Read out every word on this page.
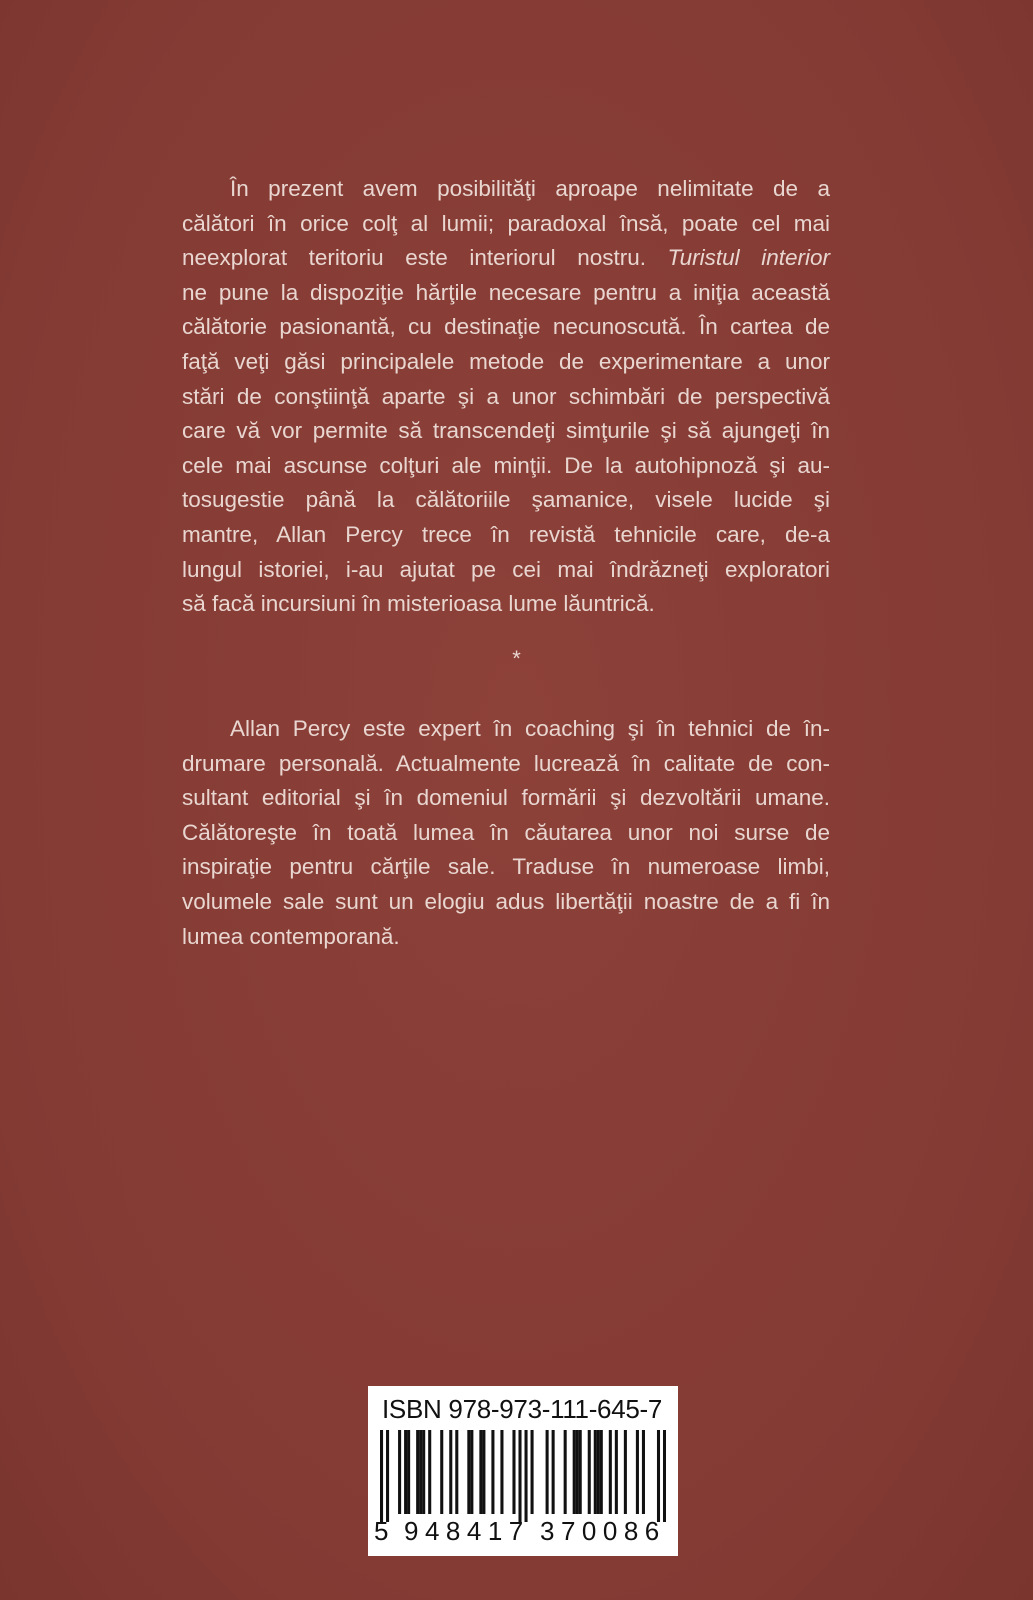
În prezent avem posibilităţi aproape nelimitate de a
călători în orice colţ al lumii; paradoxal însă, poate cel mai
neexplorat teritoriu este interiorul nostru. Turistul interior
ne pune la dispoziţie hărţile necesare pentru a iniţia această
călătorie pasionantă, cu destinaţie necunoscută. În cartea de
faţă veţi găsi principalele metode de experimentare a unor
stări de conştiinţă aparte şi a unor schimbări de perspectivă
care vă vor permite să transcendeţi simţurile şi să ajungeţi în
cele mai ascunse colţuri ale minţii. De la autohipnoză şi au-
tosugestie până la călătoriile şamanice, visele lucide şi
mantre, Allan Percy trece în revistă tehnicile care, de-a
lungul istoriei, i-au ajutat pe cei mai îndrăzneţi exploratori
să facă incursiuni în misterioasa lume lăuntrică.
*
Allan Percy este expert în coaching şi în tehnici de în-
drumare personală. Actualmente lucrează în calitate de con-
sultant editorial şi în domeniul formării şi dezvoltării umane.
Călătoreşte în toată lumea în căutarea unor noi surse de
inspiraţie pentru cărţile sale. Traduse în numeroase limbi,
volumele sale sunt un elogiu adus libertăţii noastre de a fi în
lumea contemporană.
ISBN 978-973-111-645-7
5 948417 370086
